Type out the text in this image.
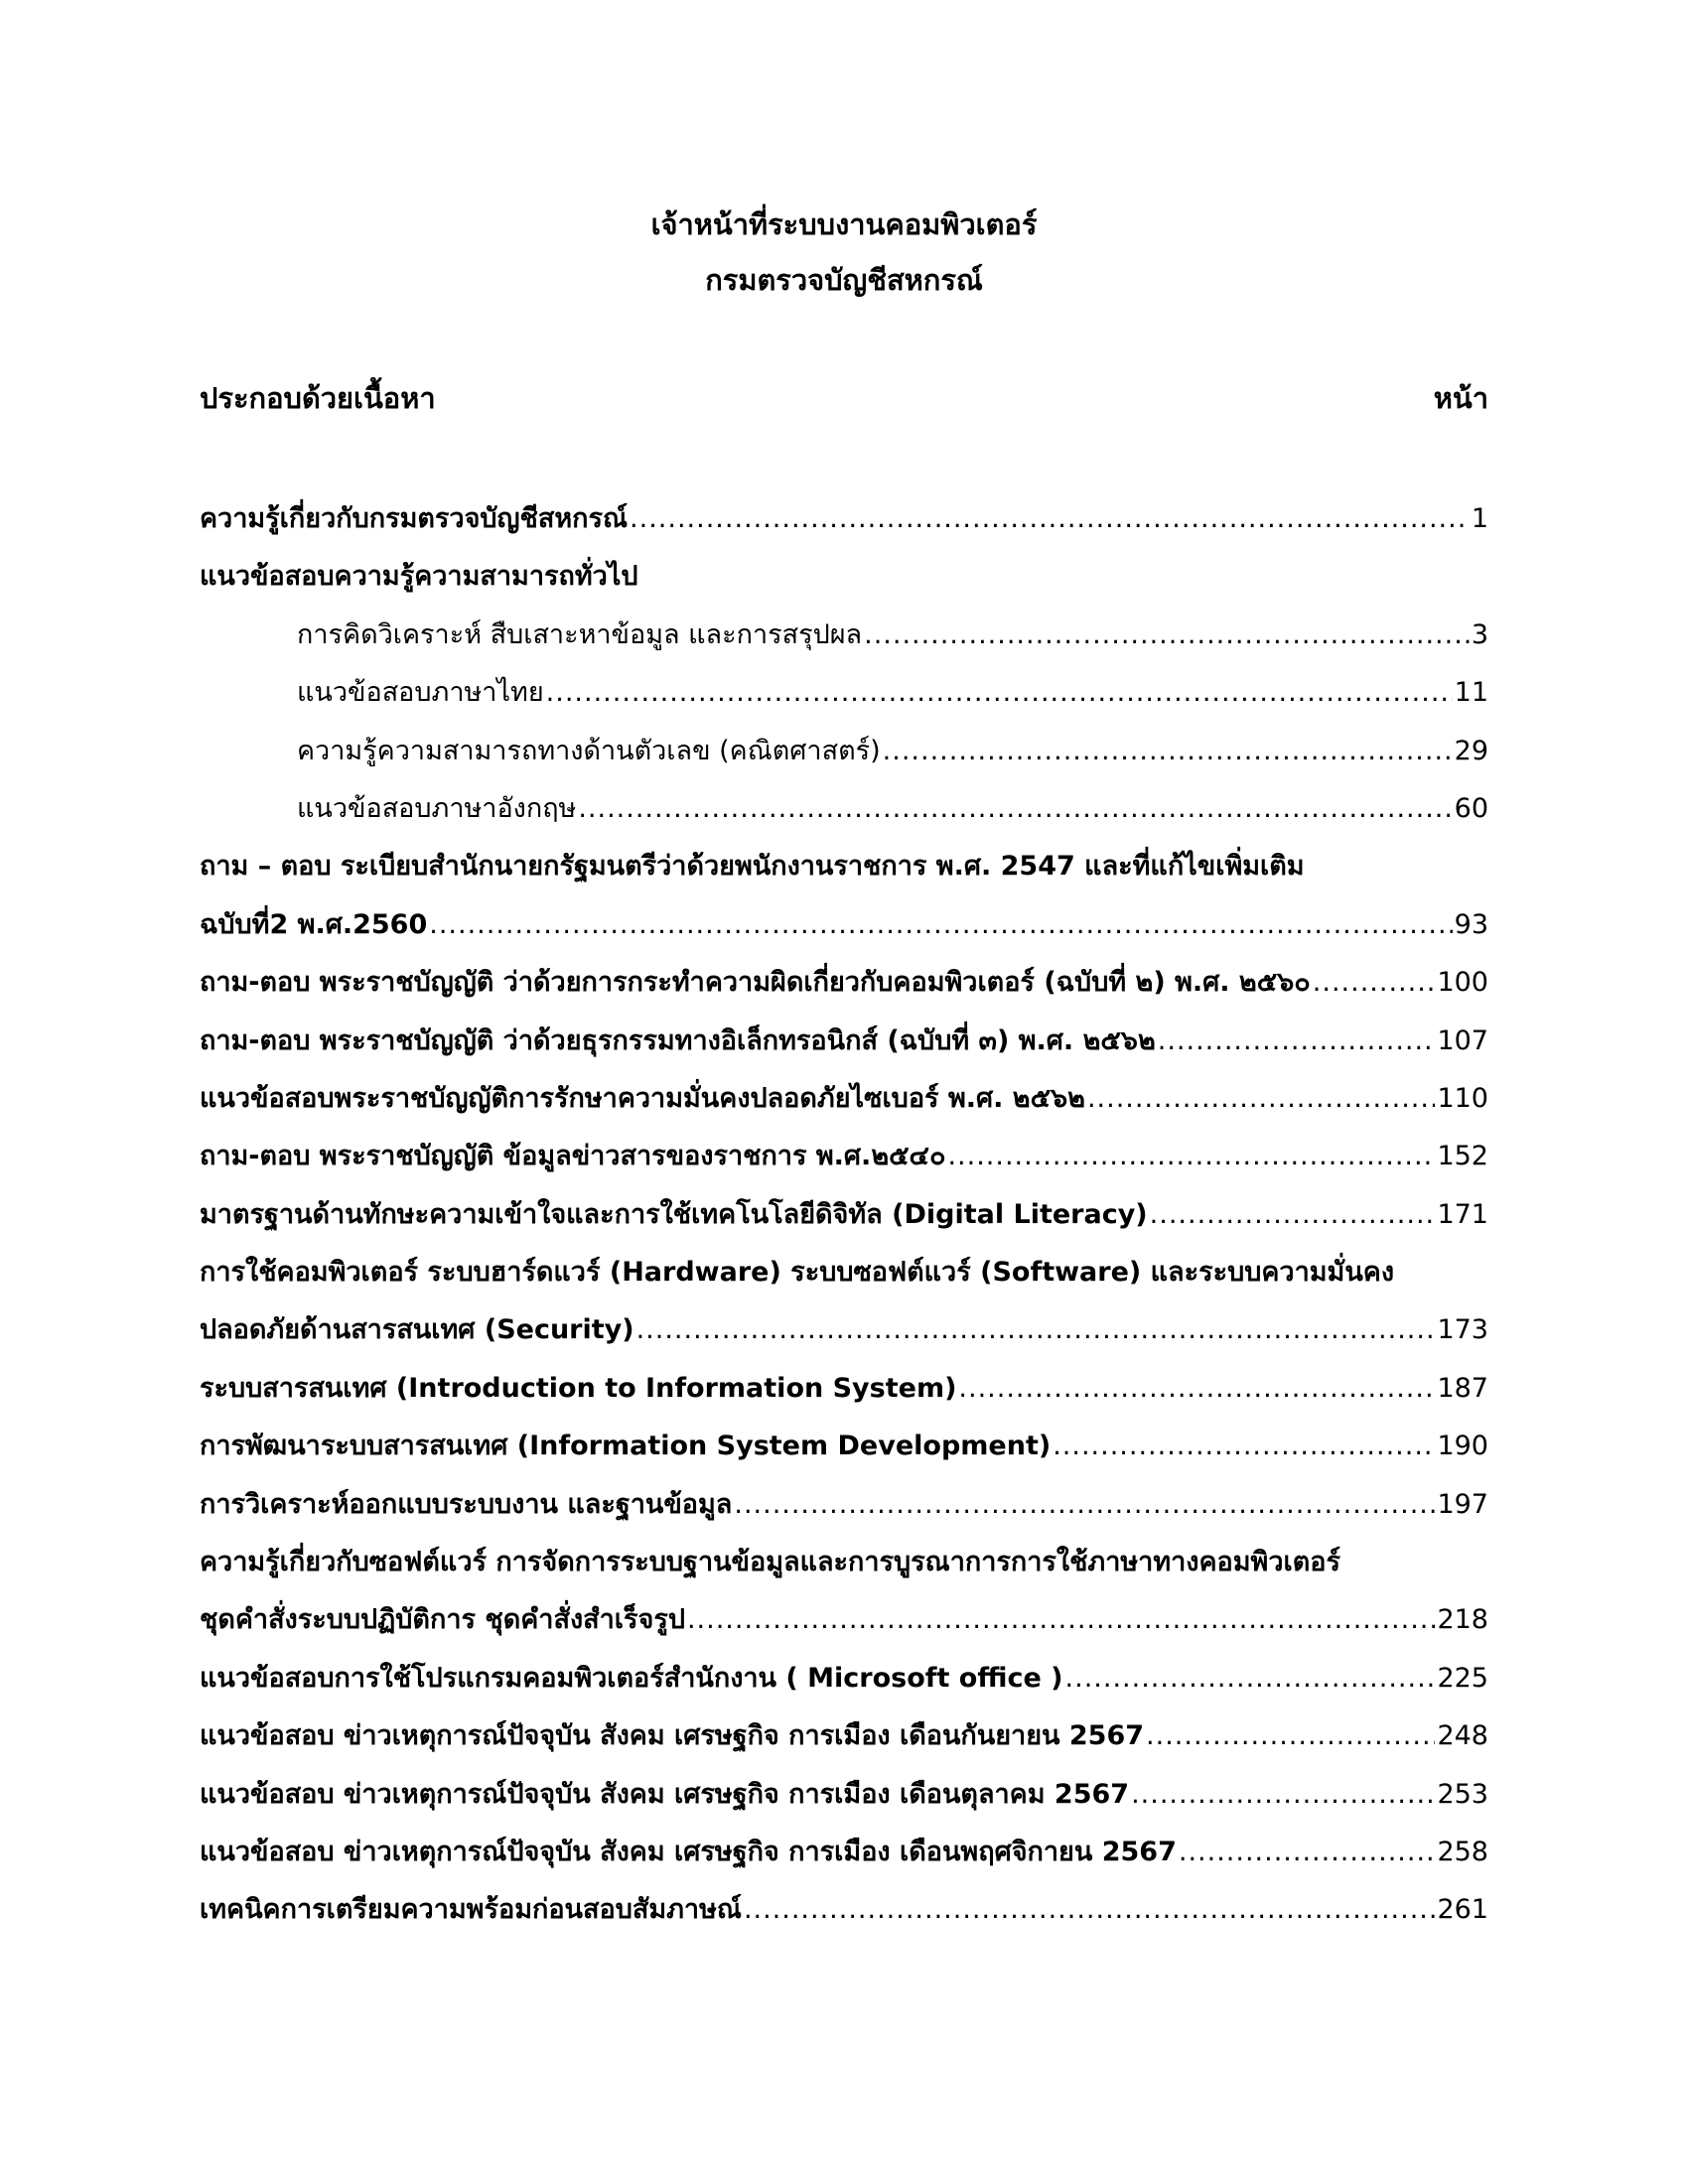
เจ้าหน้าที่ระบบงานคอมพิวเตอร์
กรมตรวจบัญชีสหกรณ์
ประกอบด้วยเนื้อหา	หน้า
ความรู้เกี่ยวกับกรมตรวจบัญชีสหกรณ์ .....	1
แนวข้อสอบความรู้ความสามารถทั่วไป
การคิดวิเคราะห์ สืบเสาะหาข้อมูล และการสรุปผล .....	3
แนวข้อสอบภาษาไทย .....	11
ความรู้ความสามารถทางด้านตัวเลข (คณิตศาสตร์) .....	29
แนวข้อสอบภาษาอังกฤษ .....	60
ถาม – ตอบ ระเบียบสำนักนายกรัฐมนตรีว่าด้วยพนักงานราชการ พ.ศ. 2547 และที่แก้ไขเพิ่มเติม
ฉบับที่2 พ.ศ.2560 .....	93
ถาม-ตอบ พระราชบัญญัติ ว่าด้วยการกระทำความผิดเกี่ยวกับคอมพิวเตอร์ (ฉบับที่ ๒) พ.ศ. ๒๕๖๐ .....	100
ถาม-ตอบ พระราชบัญญัติ ว่าด้วยธุรกรรมทางอิเล็กทรอนิกส์ (ฉบับที่ ๓) พ.ศ. ๒๕๖๒ .....	107
แนวข้อสอบพระราชบัญญัติการรักษาความมั่นคงปลอดภัยไซเบอร์ พ.ศ. ๒๕๖๒ .....	110
ถาม-ตอบ พระราชบัญญัติ ข้อมูลข่าวสารของราชการ พ.ศ.๒๕๔๐ .....	152
มาตรฐานด้านทักษะความเข้าใจและการใช้เทคโนโลยีดิจิทัล (Digital Literacy) .....	171
การใช้คอมพิวเตอร์ ระบบฮาร์ดแวร์ (Hardware) ระบบซอฟต์แวร์ (Software) และระบบความมั่นคง
ปลอดภัยด้านสารสนเทศ (Security) .....	173
ระบบสารสนเทศ (Introduction to Information System) .....	187
การพัฒนาระบบสารสนเทศ (Information System Development) .....	190
การวิเคราะห์ออกแบบระบบงาน และฐานข้อมูล .....	197
ความรู้เกี่ยวกับซอฟต์แวร์ การจัดการระบบฐานข้อมูลและการบูรณาการการใช้ภาษาทางคอมพิวเตอร์
ชุดคำสั่งระบบปฏิบัติการ ชุดคำสั่งสำเร็จรูป .....	218
แนวข้อสอบการใช้โปรแกรมคอมพิวเตอร์สำนักงาน ( Microsoft office ) .....	225
แนวข้อสอบ ข่าวเหตุการณ์ปัจจุบัน สังคม เศรษฐกิจ การเมือง เดือนกันยายน 2567 .....	248
แนวข้อสอบ ข่าวเหตุการณ์ปัจจุบัน สังคม เศรษฐกิจ การเมือง เดือนตุลาคม 2567 .....	253
แนวข้อสอบ ข่าวเหตุการณ์ปัจจุบัน สังคม เศรษฐกิจ การเมือง เดือนพฤศจิกายน 2567 .....	258
เทคนิคการเตรียมความพร้อมก่อนสอบสัมภาษณ์ .....	261
